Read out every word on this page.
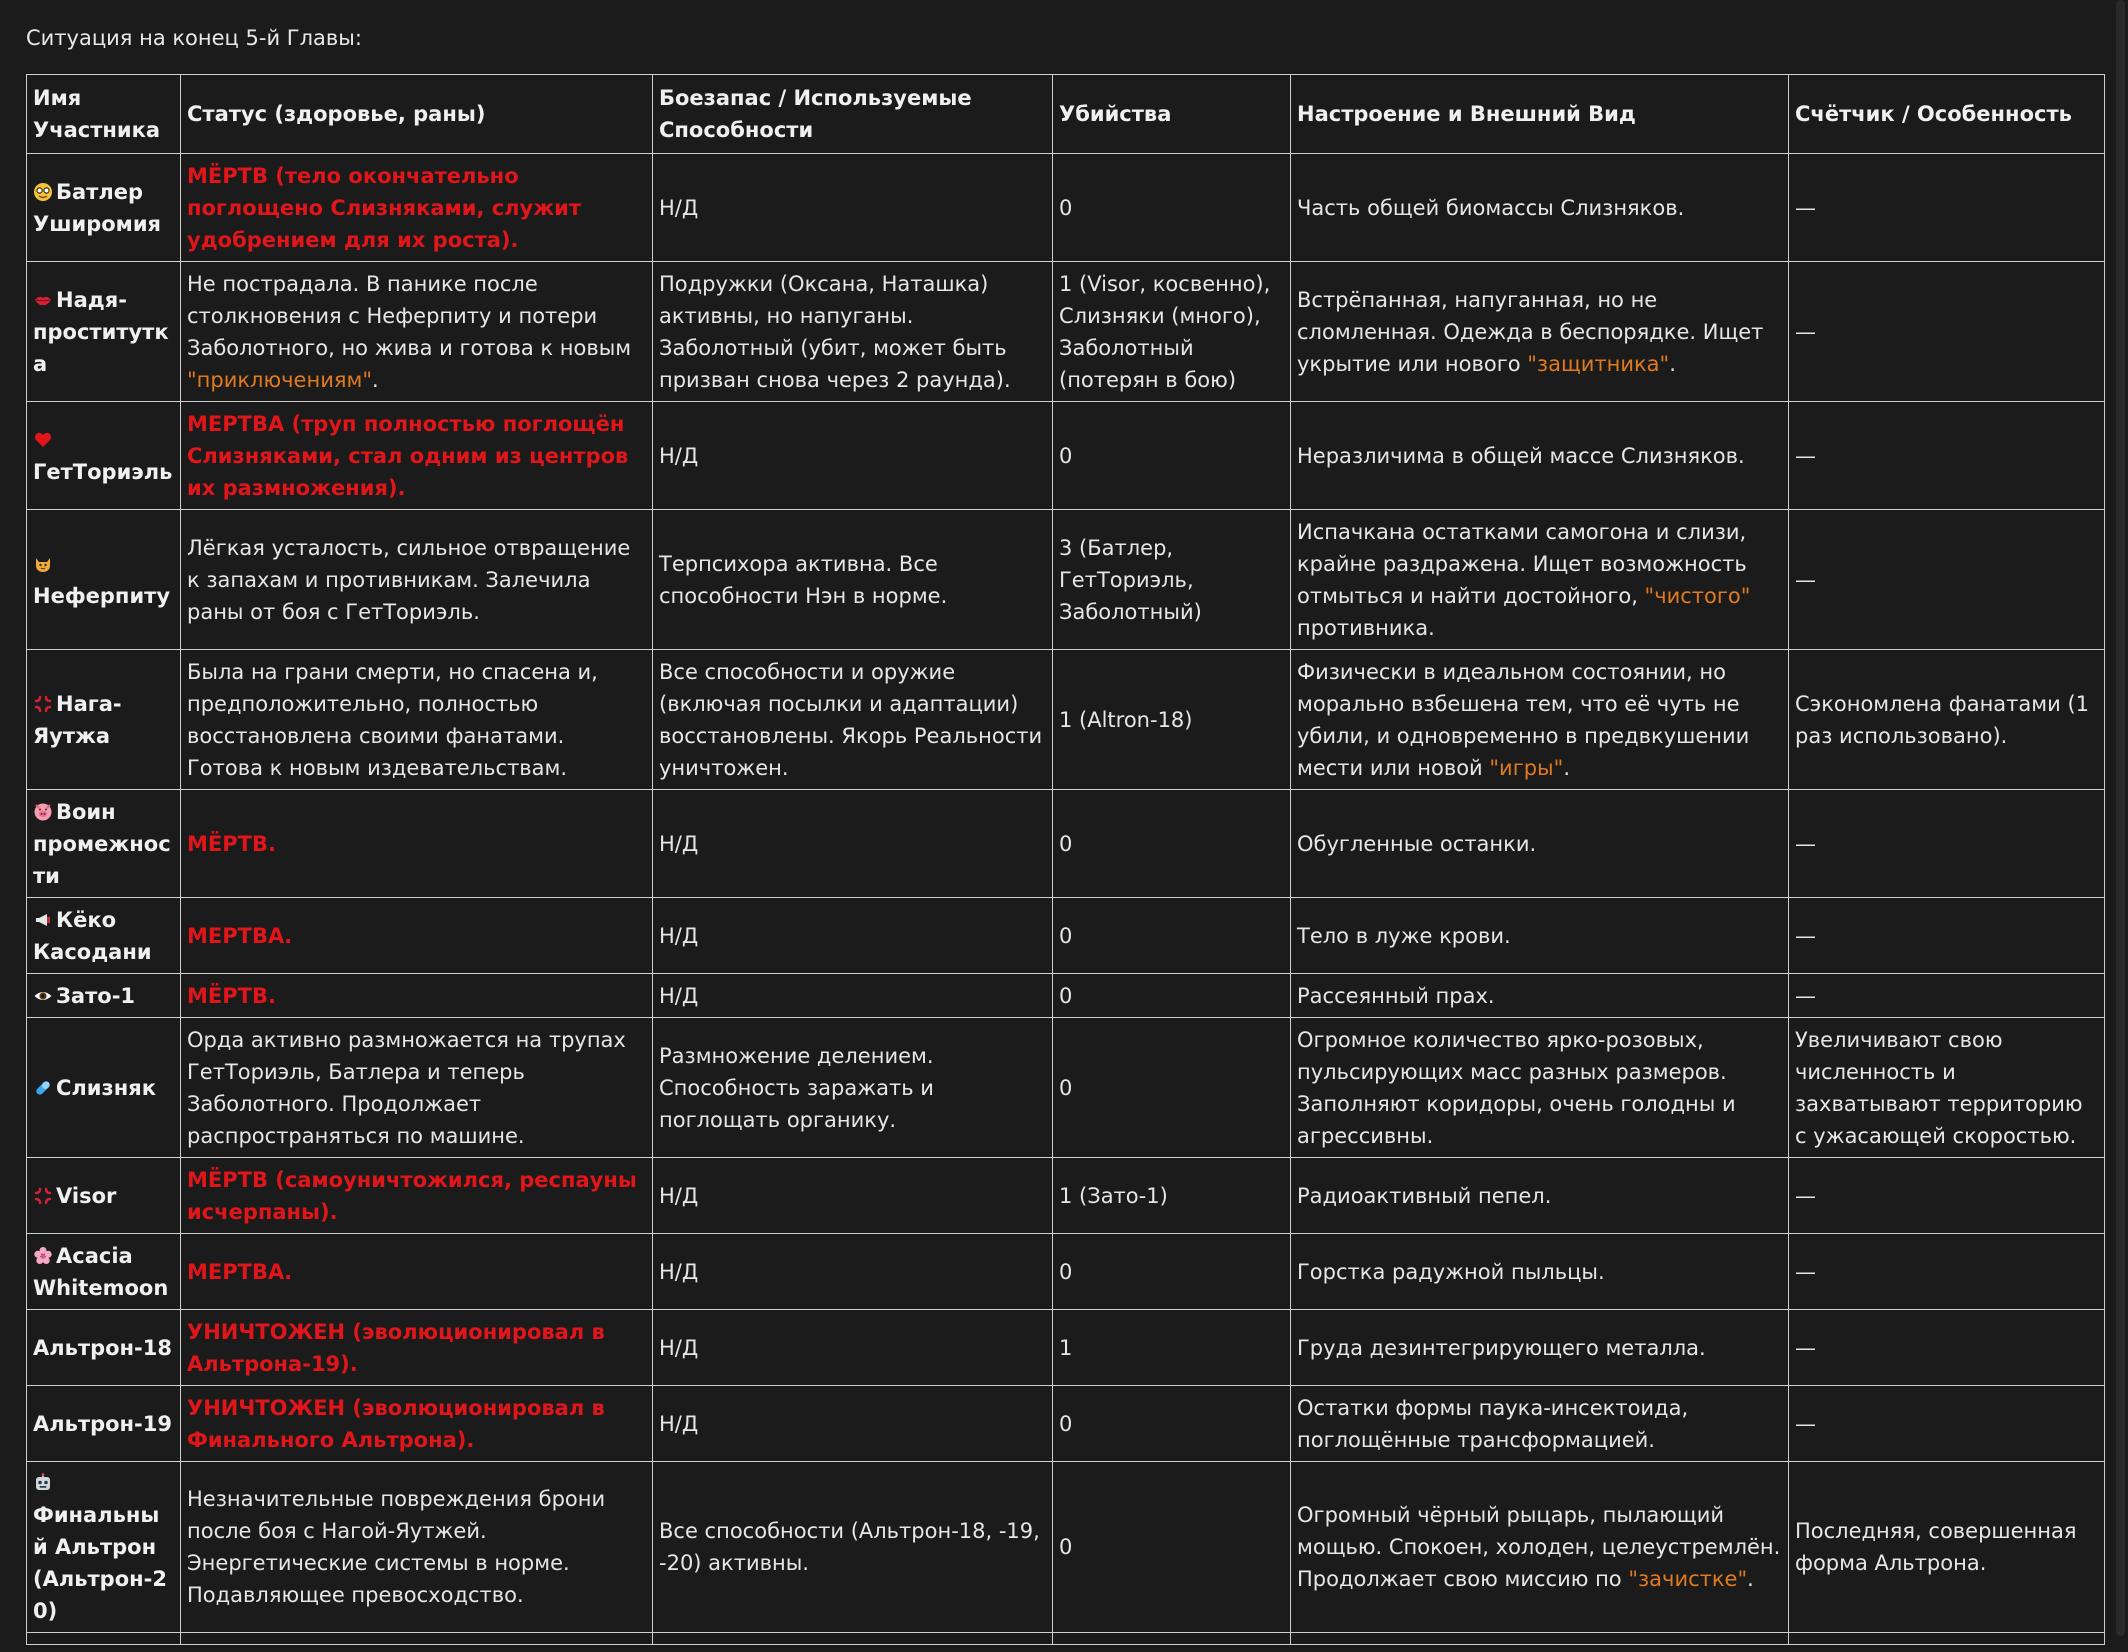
Ситуация на конец 5-й Главы:
Имя Участника	Статус (здоровье, раны)	Боезапас / Используемые Способности	Убийства	Настроение и Внешний Вид	Счётчик / Особенность

Батлер Уширомия	МЁРТВ (тело окончательно поглощено Слизняками, служит удобрением для их роста).	Н/Д	0	Часть общей биомассы Слизняков.	—

Надя-проститутка	Не пострадала. В панике после столкновения с Неферпиту и потери Заболотного, но жива и готова к новым "приключениям".	Подружки (Оксана, Наташка) активны, но напуганы. Заболотный (убит, может быть призван снова через 2 раунда).	1 (Visor, косвенно), Слизняки (много), Заболотный (потерян в бою)	Встрёпанная, напуганная, но не сломленная. Одежда в беспорядке. Ищет укрытие или нового "защитника".	—

ГетТориэль	МЕРТВА (труп полностью поглощён Слизняками, стал одним из центров их размножения).	Н/Д	0	Неразличима в общей массе Слизняков.	—

Неферпиту	Лёгкая усталость, сильное отвращение к запахам и противникам. Залечила раны от боя с ГетТориэль.	Терпсихора активна. Все способности Нэн в норме.	3 (Батлер, ГетТориэль, Заболотный)	Испачкана остатками самогона и слизи, крайне раздражена. Ищет возможность отмыться и найти достойного, "чистого" противника.	—

Нага-Яутжа	Была на грани смерти, но спасена и, предположительно, полностью восстановлена своими фанатами. Готова к новым издевательствам.	Все способности и оружие (включая посылки и адаптации) восстановлены. Якорь Реальности уничтожен.	1 (Altron-18)	Физически в идеальном состоянии, но морально взбешена тем, что её чуть не убили, и одновременно в предвкушении мести или новой "игры".	Сэкономлена фанатами (1 раз использовано).

Воин промежности	МЁРТВ.	Н/Д	0	Обугленные останки.	—

Кёко Касодани	МЕРТВА.	Н/Д	0	Тело в луже крови.	—

Зато-1	МЁРТВ.	Н/Д	0	Рассеянный прах.	—

Слизняк	Орда активно размножается на трупах ГетТориэль, Батлера и теперь Заболотного. Продолжает распространяться по машине.	Размножение делением. Способность заражать и поглощать органику.	0	Огромное количество ярко-розовых, пульсирующих масс разных размеров. Заполняют коридоры, очень голодны и агрессивны.	Увеличивают свою численность и захватывают территорию с ужасающей скоростью.

Visor	МЁРТВ (самоуничтожился, респауны исчерпаны).	Н/Д	1 (Зато-1)	Радиоактивный пепел.	—

Acacia Whitemoon	МЕРТВА.	Н/Д	0	Горстка радужной пыльцы.	—
Альтрон-18	УНИЧТОЖЕН (эволюционировал в Альтрона-19).	Н/Д	1	Груда дезинтегрирующего металла.	—
Альтрон-19	УНИЧТОЖЕН (эволюционировал в Финального Альтрона).	Н/Д	0	Остатки формы паука-инсектоида, поглощённые трансформацией.	—

Финальный Альтрон (Альтрон-20)	Незначительные повреждения брони после боя с Нагой-Яутжей. Энергетические системы в норме. Подавляющее превосходство.	Все способности (Альтрон-18, -19, -20) активны.	0	Огромный чёрный рыцарь, пылающий мощью. Спокоен, холоден, целеустремлён. Продолжает свою миссию по "зачистке".	Последняя, совершенная форма Альтрона.
